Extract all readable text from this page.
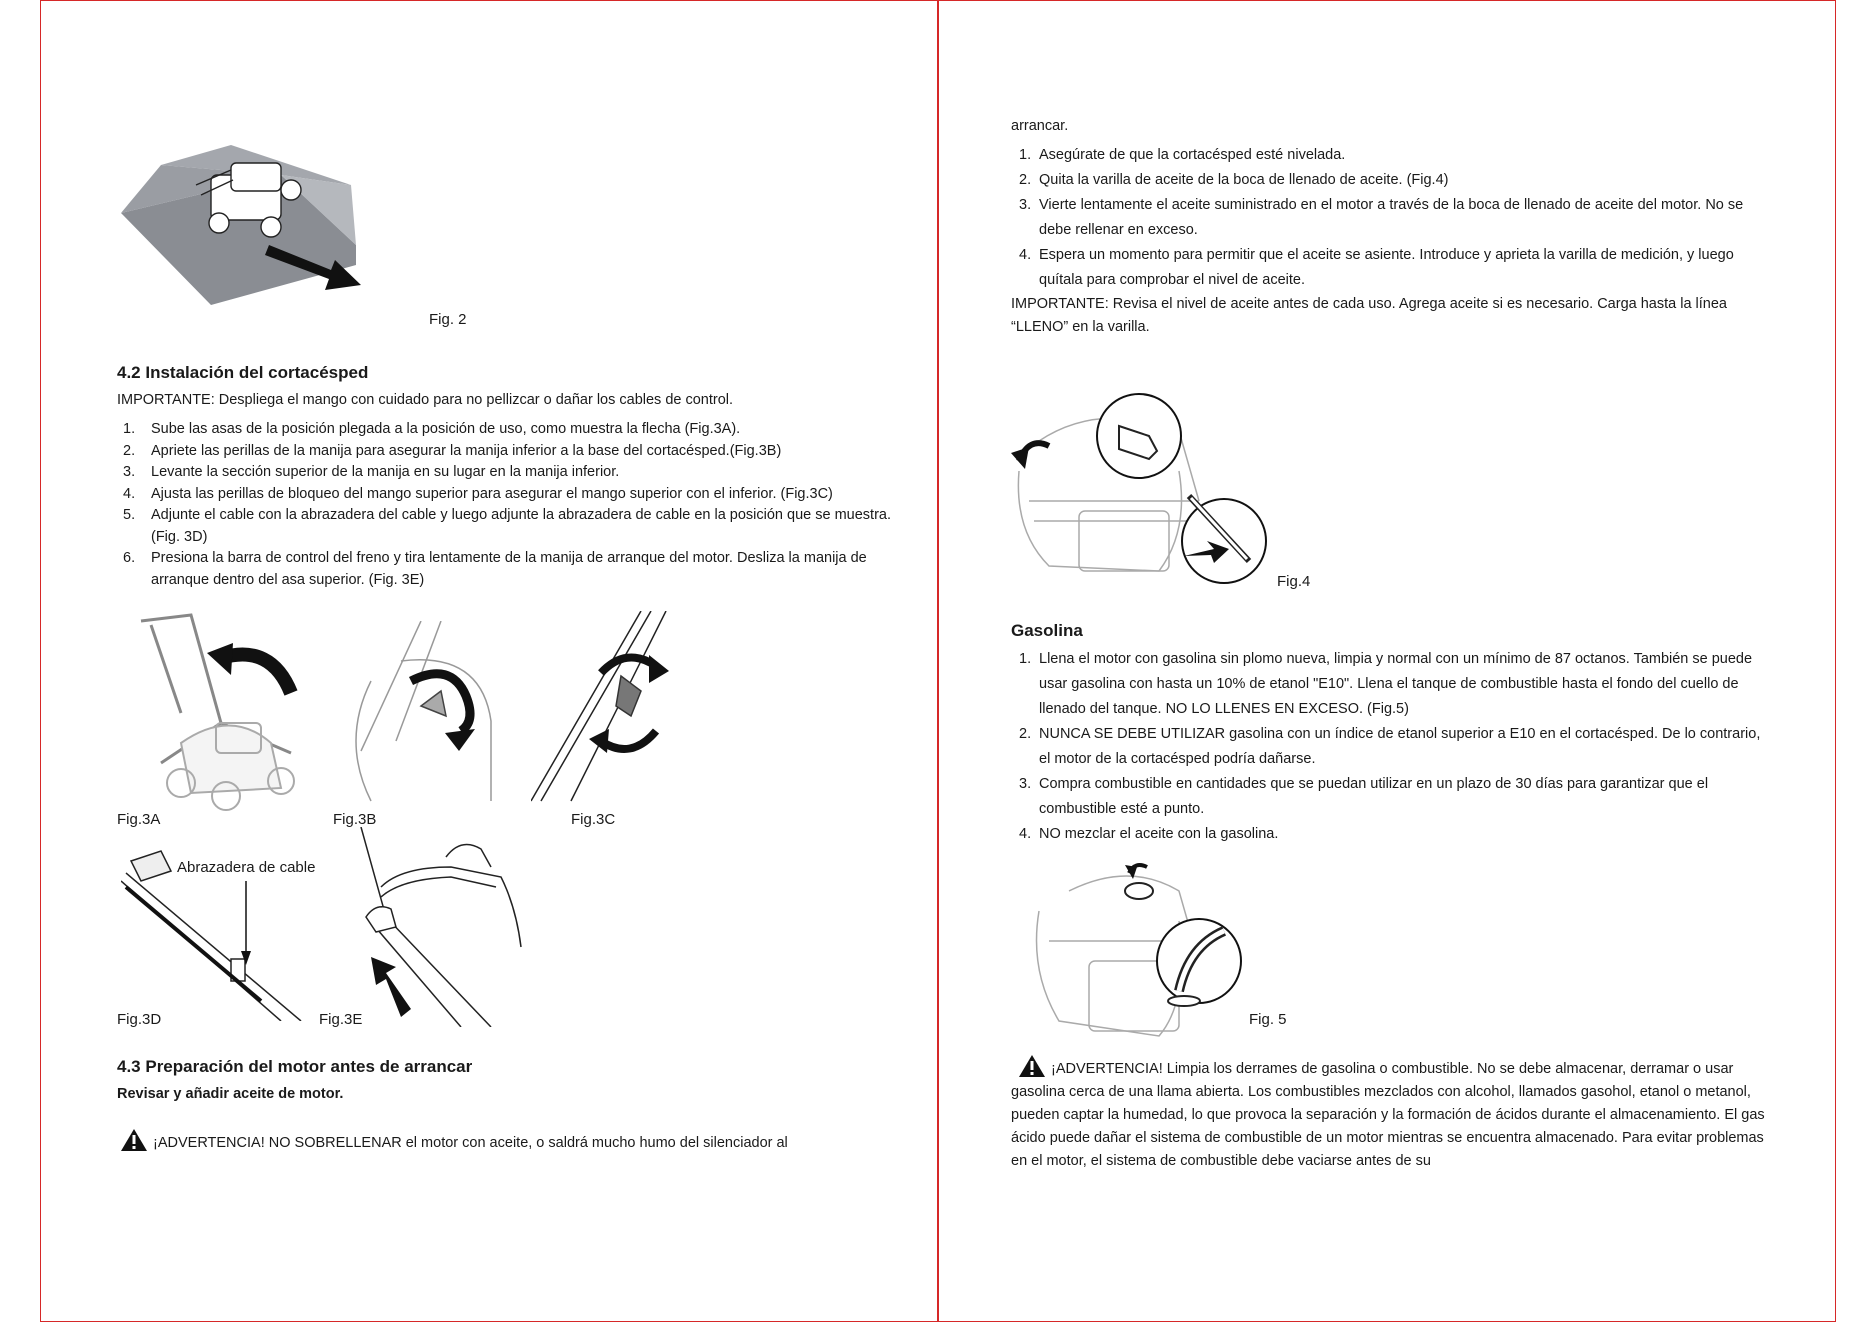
Fig. 2
4.2 Instalación del cortacésped
IMPORTANTE: Despliega el mango con cuidado para no pellizcar o dañar los cables de control.
1. Sube las asas de la posición plegada a la posición de uso, como muestra la flecha (Fig.3A).
2. Apriete las perillas de la manija para asegurar la manija inferior a la base del cortacésped.(Fig.3B)
3. Levante la sección superior de la manija en su lugar en la manija inferior.
4. Ajusta las perillas de bloqueo del mango superior para asegurar el mango superior con el inferior. (Fig.3C)
5. Adjunte el cable con la abrazadera del cable y luego adjunte la abrazadera de cable en la posición que se muestra. (Fig. 3D)
6. Presiona la barra de control del freno y tira lentamente de la manija de arranque del motor. Desliza la manija de arranque dentro del asa superior. (Fig. 3E)
Fig.3A	Fig.3B	Fig.3C
Abrazadera de cable
Fig.3D	Fig.3E
4.3 Preparación del motor antes de arrancar
Revisar y añadir aceite de motor.
¡ADVERTENCIA! NO SOBRELLENAR el motor con aceite, o saldrá mucho humo del silenciador al
arrancar.
1. Asegúrate de que la cortacésped esté nivelada.
2. Quita la varilla de aceite de la boca de llenado de aceite. (Fig.4)
3. Vierte lentamente el aceite suministrado en el motor a través de la boca de llenado de aceite del motor. No se debe rellenar en exceso.
4. Espera un momento para permitir que el aceite se asiente. Introduce y aprieta la varilla de medición, y luego quítala para comprobar el nivel de aceite.
IMPORTANTE: Revisa el nivel de aceite antes de cada uso. Agrega aceite si es necesario. Carga hasta la línea “LLENO” en la varilla.
Fig.4
Gasolina
1. Llena el motor con gasolina sin plomo nueva, limpia y normal con un mínimo de 87 octanos. También se puede usar gasolina con hasta un 10% de etanol "E10". Llena el tanque de combustible hasta el fondo del cuello de llenado del tanque. NO LO LLENES EN EXCESO. (Fig.5)
2. NUNCA SE DEBE UTILIZAR gasolina con un índice de etanol superior a E10 en el cortacésped. De lo contrario, el motor de la cortacésped podría dañarse.
3. Compra combustible en cantidades que se puedan utilizar en un plazo de 30 días para garantizar que el combustible esté a punto.
4. NO mezclar el aceite con la gasolina.
Fig. 5
¡ADVERTENCIA! Limpia los derrames de gasolina o combustible. No se debe almacenar, derramar o usar gasolina cerca de una llama abierta. Los combustibles mezclados con alcohol, llamados gasohol, etanol o metanol, pueden captar la humedad, lo que provoca la separación y la formación de ácidos durante el almacenamiento. El gas ácido puede dañar el sistema de combustible de un motor mientras se encuentra almacenado. Para evitar problemas en el motor, el sistema de combustible debe vaciarse antes de su
